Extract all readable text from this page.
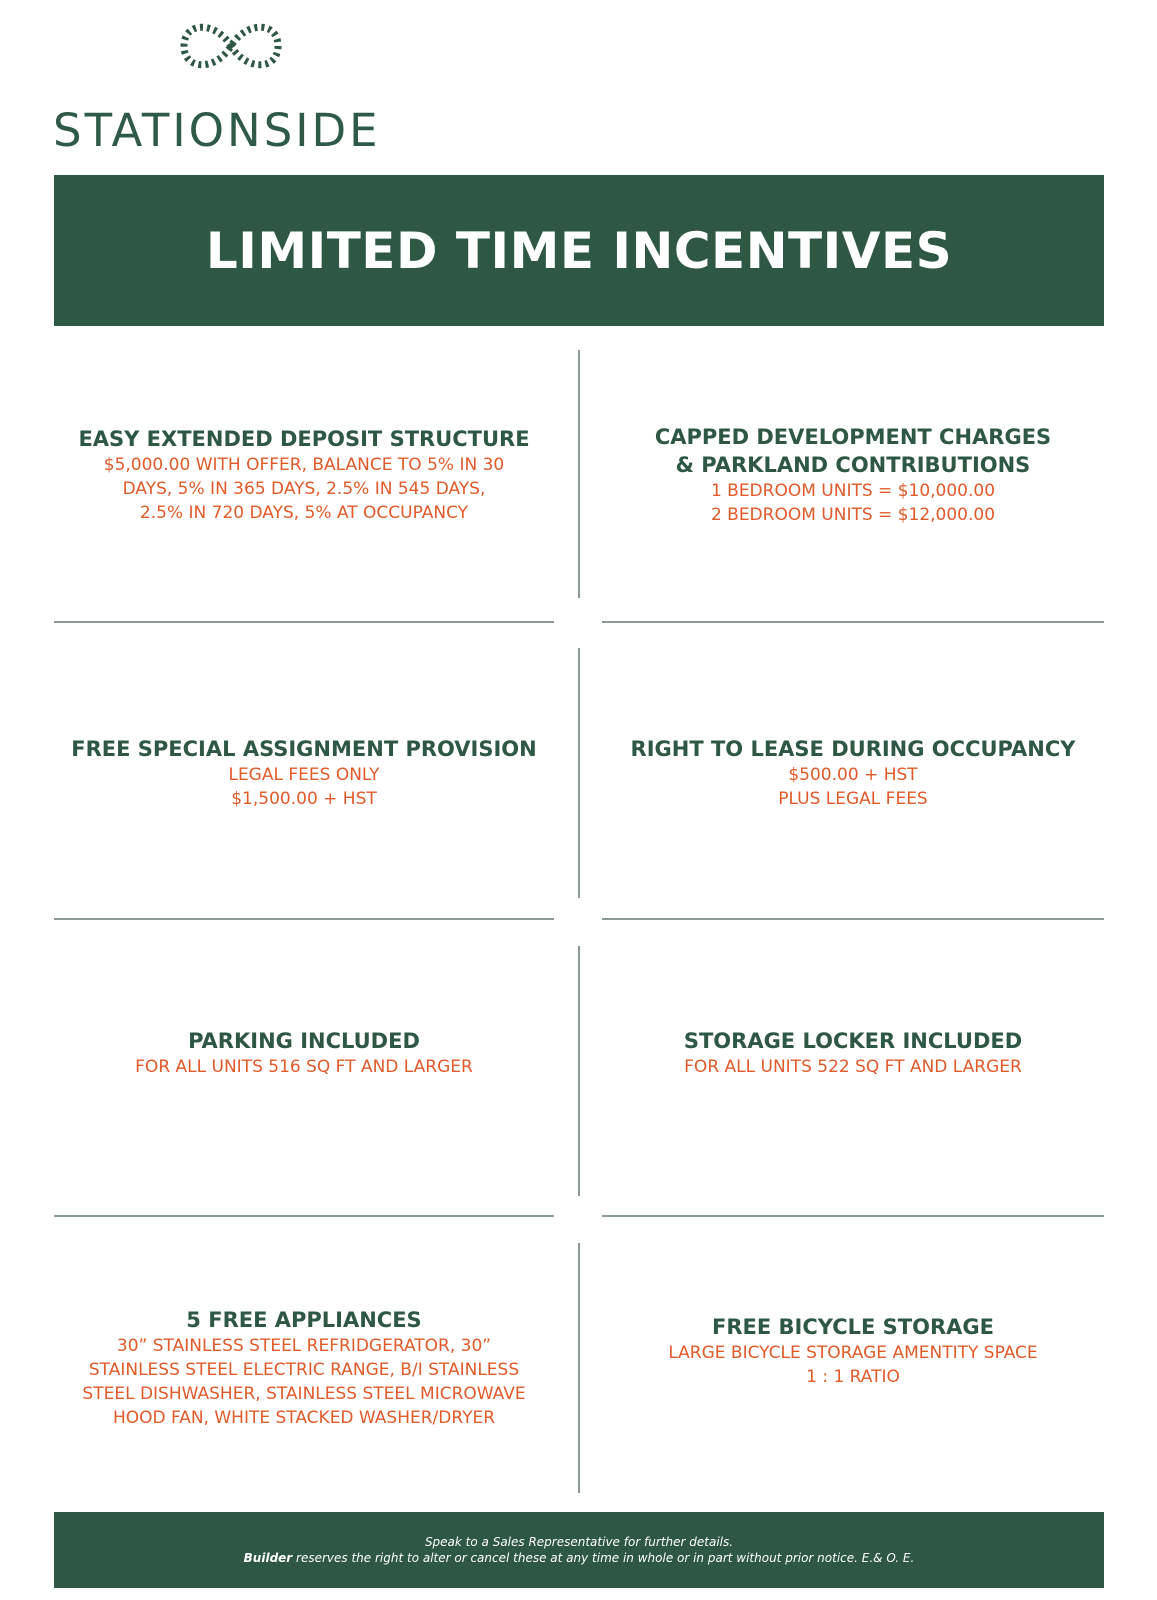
STATIONSIDE
LIMITED TIME INCENTIVES
EASY EXTENDED DEPOSIT STRUCTURE
$5,000.00 WITH OFFER, BALANCE TO 5% IN 30
DAYS, 5% IN 365 DAYS, 2.5% IN 545 DAYS,
2.5% IN 720 DAYS, 5% AT OCCUPANCY
CAPPED DEVELOPMENT CHARGES
& PARKLAND CONTRIBUTIONS
1 BEDROOM UNITS = $10,000.00
2 BEDROOM UNITS = $12,000.00
FREE SPECIAL ASSIGNMENT PROVISION
LEGAL FEES ONLY
$1,500.00 + HST
RIGHT TO LEASE DURING OCCUPANCY
$500.00 + HST
PLUS LEGAL FEES
PARKING INCLUDED
FOR ALL UNITS 516 SQ FT AND LARGER
STORAGE LOCKER INCLUDED
FOR ALL UNITS 522 SQ FT AND LARGER
5 FREE APPLIANCES
30” STAINLESS STEEL REFRIDGERATOR, 30”
STAINLESS STEEL ELECTRIC RANGE, B/I STAINLESS
STEEL DISHWASHER, STAINLESS STEEL MICROWAVE
HOOD FAN, WHITE STACKED WASHER/DRYER
FREE BICYCLE STORAGE
LARGE BICYCLE STORAGE AMENTITY SPACE
1 : 1 RATIO
Speak to a Sales Representative for further details.
Builder reserves the right to alter or cancel these at any time in whole or in part without prior notice. E.& O. E.
